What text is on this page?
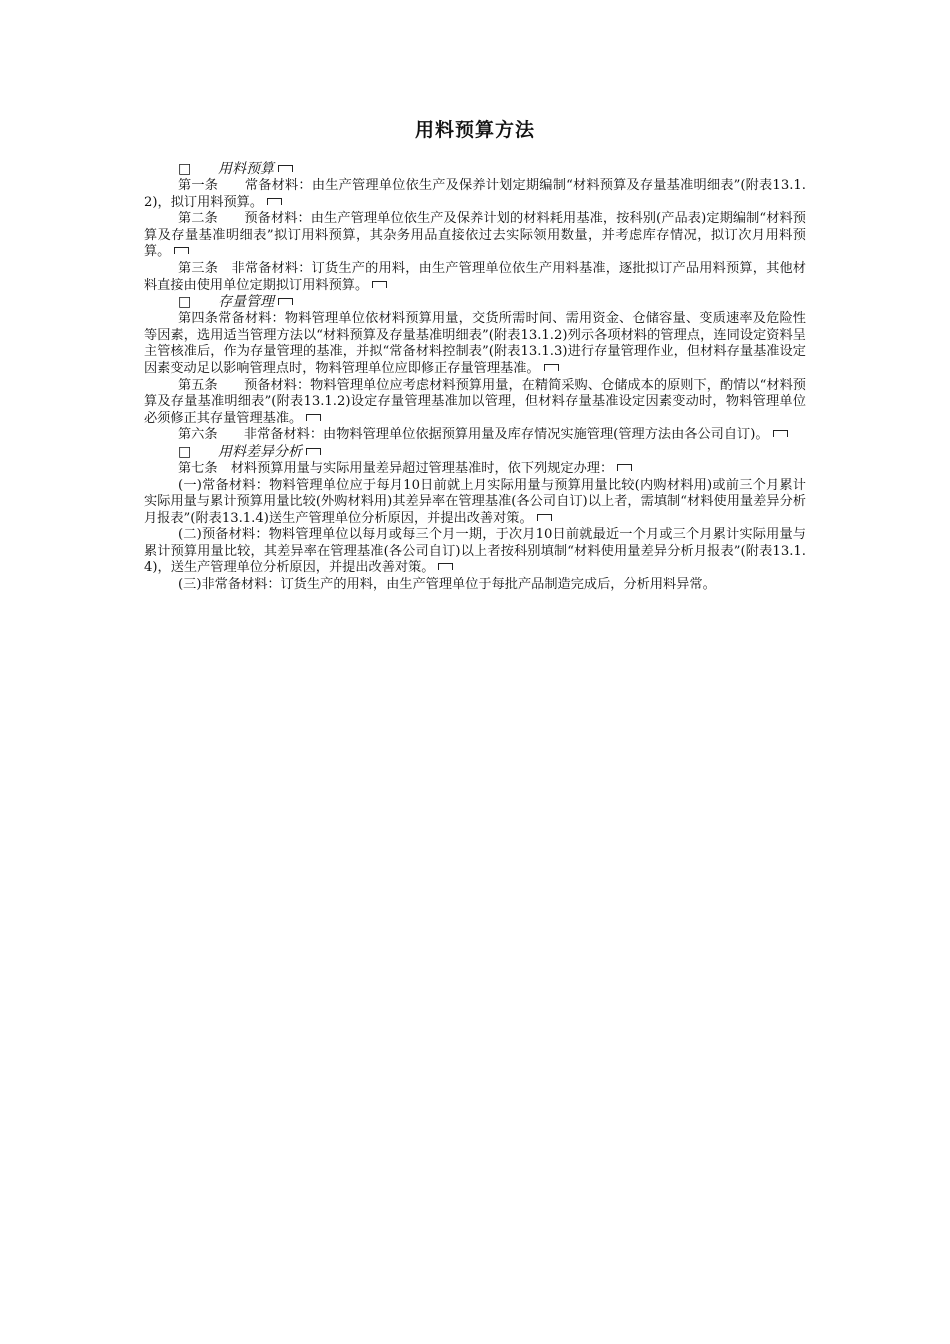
用料预算方法
□ 用料预算

第一条　　常备材料：由生产管理单位依生产及保养计划定期编制“材料预算及存量基准明细表”(附表13.1.2)，拟订用料预算。

第二条　　预备材料：由生产管理单位依生产及保养计划的材料耗用基准，按科别(产品表)定期编制“材料预算及存量基准明细表”拟订用料预算，其杂务用品直接依过去实际领用数量，并考虑库存情况，拟订次月用料预算。

第三条　非常备材料：订货生产的用料，由生产管理单位依生产用料基准，逐批拟订产品用料预算，其他材料直接由使用单位定期拟订用料预算。

□ 存量管理

第四条常备材料：物料管理单位依材料预算用量，交货所需时间、需用资金、仓储容量、变质速率及危险性等因素，选用适当管理方法以“材料预算及存量基准明细表”(附表13.1.2)列示各项材料的管理点，连同设定资料呈主管核准后，作为存量管理的基准，并拟“常备材料控制表”(附表13.1.3)进行存量管理作业，但材料存量基准设定因素变动足以影响管理点时，物料管理单位应即修正存量管理基准。

第五条　　预备材料：物料管理单位应考虑材料预算用量，在精简采购、仓储成本的原则下，酌情以“材料预算及存量基准明细表”(附表13.1.2)设定存量管理基准加以管理，但材料存量基准设定因素变动时，物料管理单位必须修正其存量管理基准。

第六条　　非常备材料：由物料管理单位依据预算用量及库存情况实施管理(管理方法由各公司自订)。

□ 用料差异分析

第七条　材料预算用量与实际用量差异超过管理基准时，依下列规定办理：

(一)常备材料：物料管理单位应于每月10日前就上月实际用量与预算用量比较(内购材料用)或前三个月累计实际用量与累计预算用量比较(外购材料用)其差异率在管理基准(各公司自订)以上者，需填制“材料使用量差异分析月报表”(附表13.1.4)送生产管理单位分析原因，并提出改善对策。

(二)预备材料：物料管理单位以每月或每三个月一期，于次月10日前就最近一个月或三个月累计实际用量与累计预算用量比较，其差异率在管理基准(各公司自订)以上者按科别填制“材料使用量差异分析月报表”(附表13.1.4)，送生产管理单位分析原因，并提出改善对策。

(三)非常备材料：订货生产的用料，由生产管理单位于每批产品制造完成后，分析用料异常。
